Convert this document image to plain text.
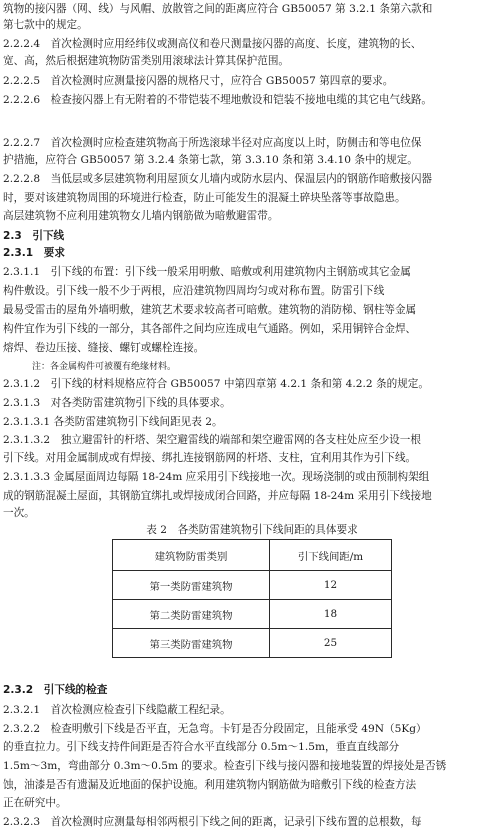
筑物的接闪器（网、线）与风帽、放散管之间的距离应符合 GB50057 第 3.2.1 条第六款和
第七款中的规定。
2.2.2.4　首次检测时应用经纬仪或测高仪和卷尺测量接闪器的高度、长度，建筑物的长、
宽、高，然后根据建筑物防雷类别用滚球法计算其保护范围。
2.2.2.5　首次检测时应测量接闪器的规格尺寸，应符合 GB50057 第四章的要求。
2.2.2.6　检查接闪器上有无附着的不带铠装不埋地敷设和铠装不接地电缆的其它电气线路。
2.2.2.7　首次检测时应检查建筑物高于所选滚球半径对应高度以上时，防侧击和等电位保
护措施，应符合 GB50057 第 3.2.4 条第七款，第 3.3.10 条和第 3.4.10 条中的规定。
2.2.2.8　当低层或多层建筑物利用屋顶女儿墙内或防水层内、保温层内的钢筋作暗敷接闪器
时，要对该建筑物周围的环境进行检查，防止可能发生的混凝土碎块坠落等事故隐患。
高层建筑物不应利用建筑物女儿墙内钢筋做为暗敷避雷带。
2.3　引下线
2.3.1　要求
2.3.1.1　引下线的布置：引下线一般采用明敷、暗敷或利用建筑物内主钢筋或其它金属
构件敷设。引下线一般不少于两根，应沿建筑物四周均匀或对称布置。防雷引下线
最易受雷击的屋角外墙明敷，建筑艺术要求较高者可暗敷。建筑物的消防梯、钢柱等金属
构件宜作为引下线的一部分，其各部件之间均应连成电气通路。例如，采用铜锌合金焊、
熔焊、卷边压接、缝接、螺钉或螺栓连接。
注：各金属构件可被覆有绝缘材料。
2.3.1.2　引下线的材料规格应符合 GB50057 中第四章第 4.2.1 条和第 4.2.2 条的规定。
2.3.1.3　对各类防雷建筑物引下线的具体要求。
2.3.1.3.1 各类防雷建筑物引下线间距见表 2。
2.3.1.3.2　独立避雷针的杆塔、架空避雷线的端部和架空避雷网的各支柱处应至少设一根
引下线。对用金属制成或有焊接、绑扎连接钢筋网的杆塔、支柱，宜利用其作为引下线。
2.3.1.3.3 金属屋面周边每隔 18-24m 应采用引下线接地一次。现场浇制的或由预制构架组
成的钢筋混凝土屋面，其钢筋宜绑扎或焊接成闭合回路，并应每隔 18-24m 采用引下线接地
一次。
表 2　各类防雷建筑物引下线间距的具体要求
建筑物防雷类别	引下线间距/m
第一类防雷建筑物	12
第二类防雷建筑物	18
第三类防雷建筑物	25
2.3.2　引下线的检查
2.3.2.1　首次检测应检查引下线隐蔽工程纪录。
2.3.2.2　检查明敷引下线是否平直，无急弯。卡钉是否分段固定，且能承受 49N（5Kg）
的垂直拉力。引下线支持件间距是否符合水平直线部分 0.5m～1.5m，垂直直线部分
1.5m～3m，弯曲部分 0.3m～0.5m 的要求。检查引下线与接闪器和接地装置的焊接处是否锈
蚀，油漆是否有遗漏及近地面的保护设施。利用建筑物内钢筋做为暗敷引下线的检查方法
正在研究中。
2.3.2.3　首次检测时应测量每相邻两根引下线之间的距离，记录引下线布置的总根数，每
